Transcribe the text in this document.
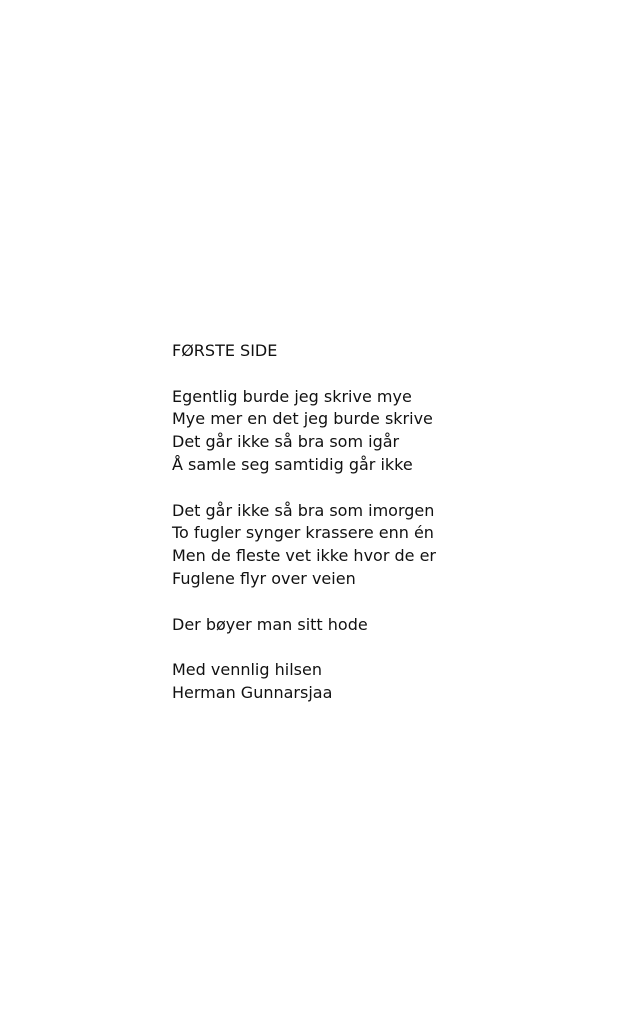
FØRSTE SIDE
Egentlig burde jeg skrive mye
Mye mer en det jeg burde skrive
Det går ikke så bra som igår
Å samle seg samtidig går ikke
Det går ikke så bra som imorgen
To fugler synger krassere enn én
Men de fleste vet ikke hvor de er
Fuglene flyr over veien
Der bøyer man sitt hode
Med vennlig hilsen
Herman Gunnarsjaa
